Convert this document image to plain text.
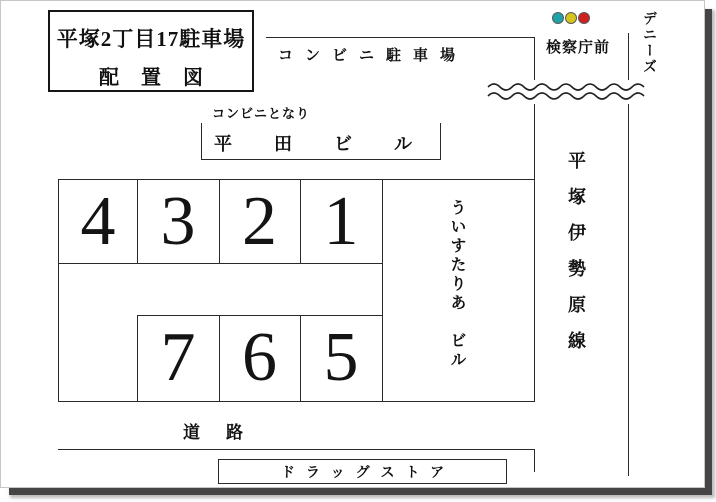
平塚2丁目17駐車場
配置図
コンビニ駐車場
コンビニとなり
平田ビル
4 3 2 1
7 6 5	ういすたりあ　ビル	平塚伊勢原線
検察庁前 デニーズ
道路
ドラッグストア
